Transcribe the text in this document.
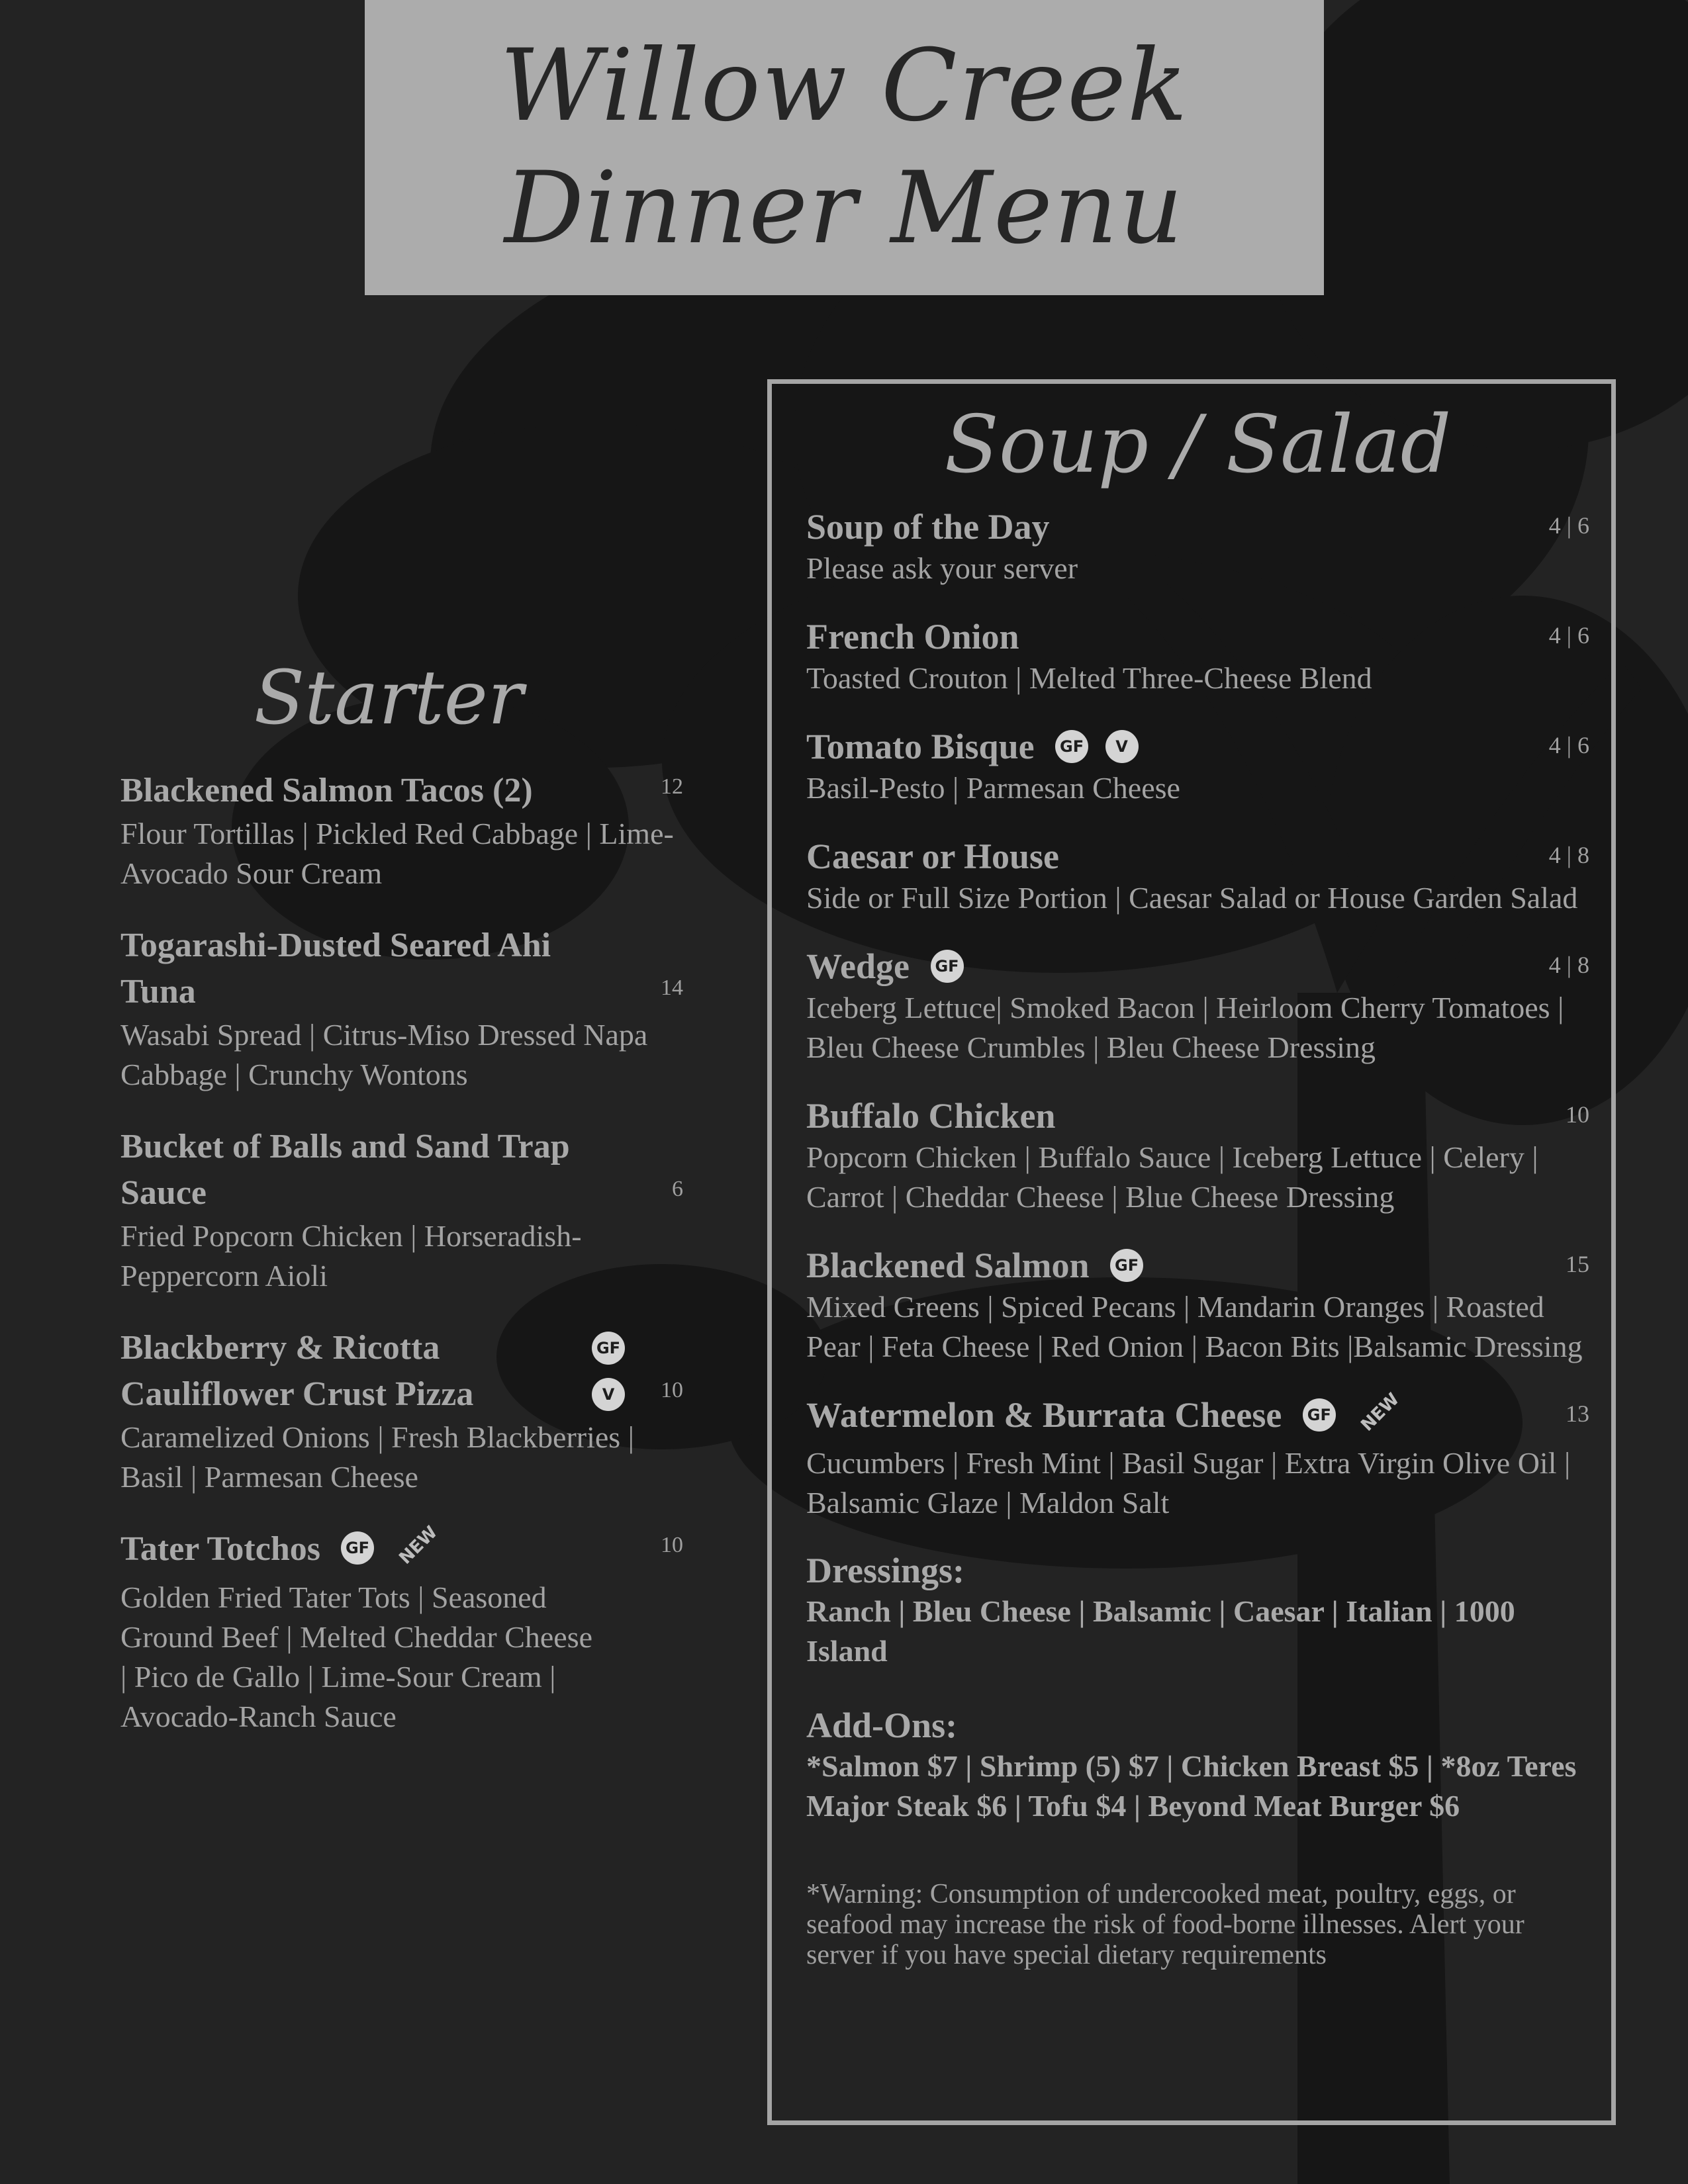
Willow Creek
Dinner Menu
Starter
12
Blackened Salmon Tacos (2)
Flour Tortillas | Pickled Red Cabbage | Lime-Avocado Sour Cream
14
Togarashi-Dusted Seared Ahi Tuna
Wasabi Spread | Citrus-Miso Dressed Napa Cabbage | Crunchy Wontons
6
Bucket of Balls and Sand Trap Sauce
Fried Popcorn Chicken | Horseradish-Peppercorn Aioli
10
Blackberry & Ricotta	GF
Cauliflower Crust Pizza	V
Caramelized Onions | Fresh Blackberries | Basil | Parmesan Cheese
10
Tater Totchos GF NEW
Golden Fried Tater Tots | Seasoned Ground Beef | Melted Cheddar Cheese | Pico de Gallo | Lime-Sour Cream | Avocado-Ranch Sauce
Soup / Salad
4 | 6
Soup of the Day
Please ask your server
4 | 6
French Onion
Toasted Crouton | Melted Three-Cheese Blend
4 | 6
Tomato Bisque GF V
Basil-Pesto | Parmesan Cheese
4 | 8
Caesar or House
Side or Full Size Portion | Caesar Salad or House Garden Salad
4 | 8
Wedge GF
Iceberg Lettuce| Smoked Bacon | Heirloom Cherry Tomatoes | Bleu Cheese Crumbles | Bleu Cheese Dressing
10
Buffalo Chicken
Popcorn Chicken | Buffalo Sauce | Iceberg Lettuce | Celery | Carrot | Cheddar Cheese | Blue Cheese Dressing
15
Blackened Salmon GF
Mixed Greens | Spiced Pecans | Mandarin Oranges | Roasted Pear | Feta Cheese | Red Onion | Bacon Bits |Balsamic Dressing
13
Watermelon & Burrata Cheese GF NEW
Cucumbers | Fresh Mint | Basil Sugar | Extra Virgin Olive Oil | Balsamic Glaze | Maldon Salt
Dressings:
Ranch | Bleu Cheese | Balsamic | Caesar | Italian | 1000 Island
Add-Ons:
*Salmon $7 | Shrimp (5) $7 | Chicken Breast $5 | *8oz Teres Major Steak $6 | Tofu $4 | Beyond Meat Burger $6
*Warning: Consumption of undercooked meat, poultry, eggs, or seafood may increase the risk of food-borne illnesses. Alert your server if you have special dietary requirements
